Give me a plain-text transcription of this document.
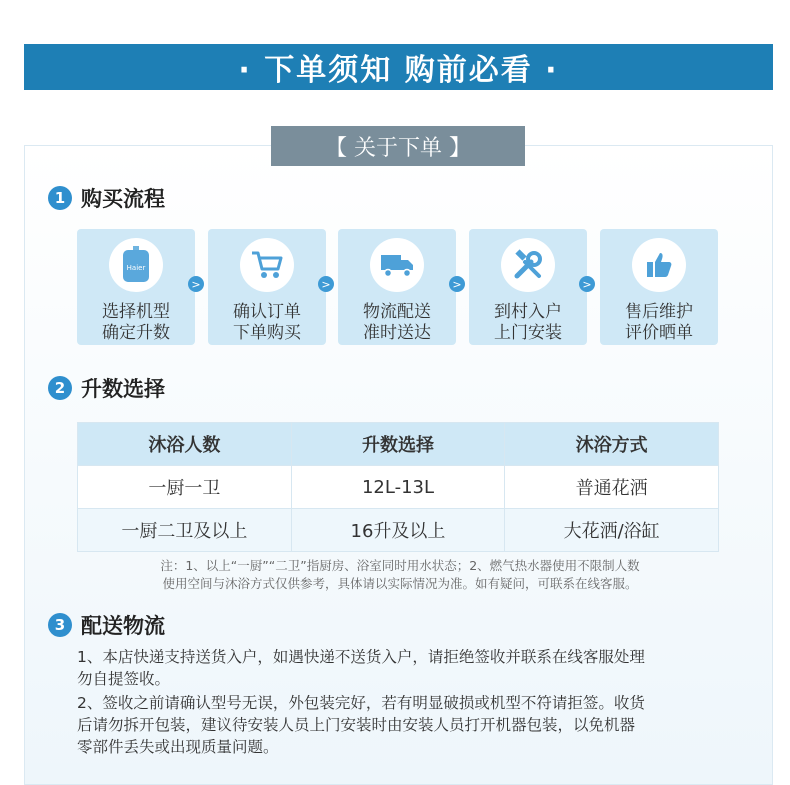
· 下单须知 购前必看 ·
【 关于下单 】
1 购买流程
Haier
选择机型
确定升数
>
确认订单
下单购买
>
物流配送
准时送达
>
到村入户
上门安装
>
售后维护
评价晒单
2 升数选择
沐浴人数	升数选择	沐浴方式
一厨一卫	12L-13L	普通花洒
一厨二卫及以上	16升及以上	大花洒/浴缸
注：1、以上“一厨”“二卫”指厨房、浴室同时用水状态；2、燃气热水器使用不限制人数
使用空间与沐浴方式仅供参考，具体请以实际情况为准。如有疑问，可联系在线客服。
3 配送物流
1、本店快递支持送货入户，如遇快递不送货入户，请拒绝签收并联系在线客服处理
勿自提签收。
2、签收之前请确认型号无误，外包装完好，若有明显破损或机型不符请拒签。收货
后请勿拆开包装，建议待安装人员上门安装时由安装人员打开机器包装，以免机器
零部件丢失或出现质量问题。
